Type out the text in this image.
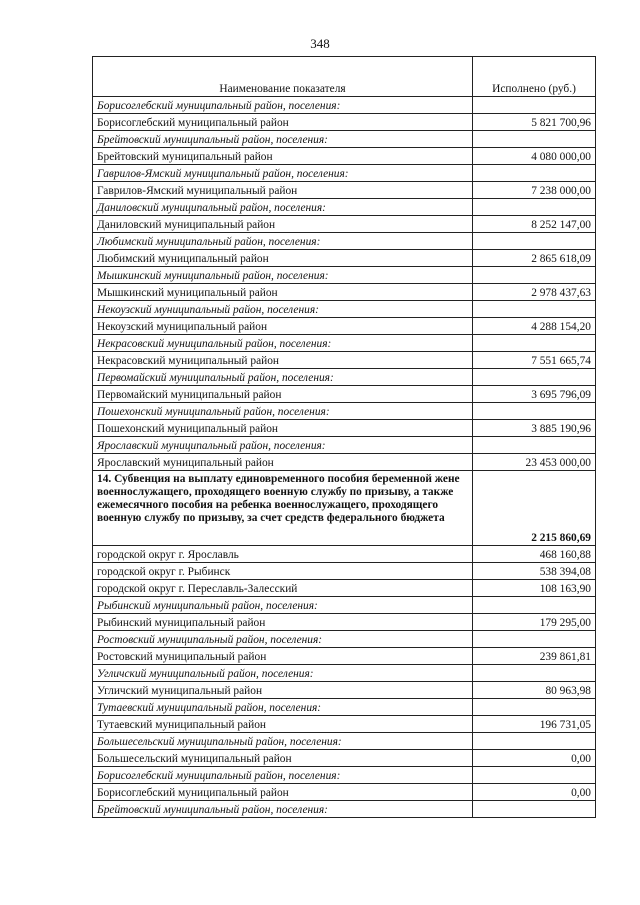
348
Наименование показателя	Исполнено (руб.)
Борисоглебский муниципальный район, поселения:	
Борисоглебский муниципальный район	5 821 700,96
Брейтовский муниципальный район, поселения:	
Брейтовский муниципальный район	4 080 000,00
Гаврилов-Ямский муниципальный район, поселения:	
Гаврилов-Ямский муниципальный район	7 238 000,00
Даниловский муниципальный район, поселения:	
Даниловский муниципальный район	8 252 147,00
Любимский муниципальный район, поселения:	
Любимский муниципальный район	2 865 618,09
Мышкинский муниципальный район, поселения:	
Мышкинский муниципальный район	2 978 437,63
Некоузский муниципальный район, поселения:	
Некоузский муниципальный район	4 288 154,20
Некрасовский муниципальный район, поселения:	
Некрасовский муниципальный район	7 551 665,74
Первомайский муниципальный район, поселения:	
Первомайский муниципальный район	3 695 796,09
Пошехонский муниципальный район, поселения:	
Пошехонский муниципальный район	3 885 190,96
Ярославский муниципальный район, поселения:	
Ярославский муниципальный район	23 453 000,00
14. Субвенция на выплату единовременного пособия беременной жене военнослужащего, проходящего военную службу по призыву, а также ежемесячного пособия на ребенка военнослужащего, проходящего военную службу по призыву, за счет средств федерального бюджета	2 215 860,69
городской округ г. Ярославль	468 160,88
городской округ г. Рыбинск	538 394,08
городской округ г. Переславль-Залесский	108 163,90
Рыбинский муниципальный район, поселения:	
Рыбинский муниципальный район	179 295,00
Ростовский муниципальный район, поселения:	
Ростовский муниципальный район	239 861,81
Угличский муниципальный район, поселения:	
Угличский муниципальный район	80 963,98
Тутаевский муниципальный район, поселения:	
Тутаевский муниципальный район	196 731,05
Большесельский муниципальный район, поселения:	
Большесельский муниципальный район	0,00
Борисоглебский муниципальный район, поселения:	
Борисоглебский муниципальный район	0,00
Брейтовский муниципальный район, поселения:	
